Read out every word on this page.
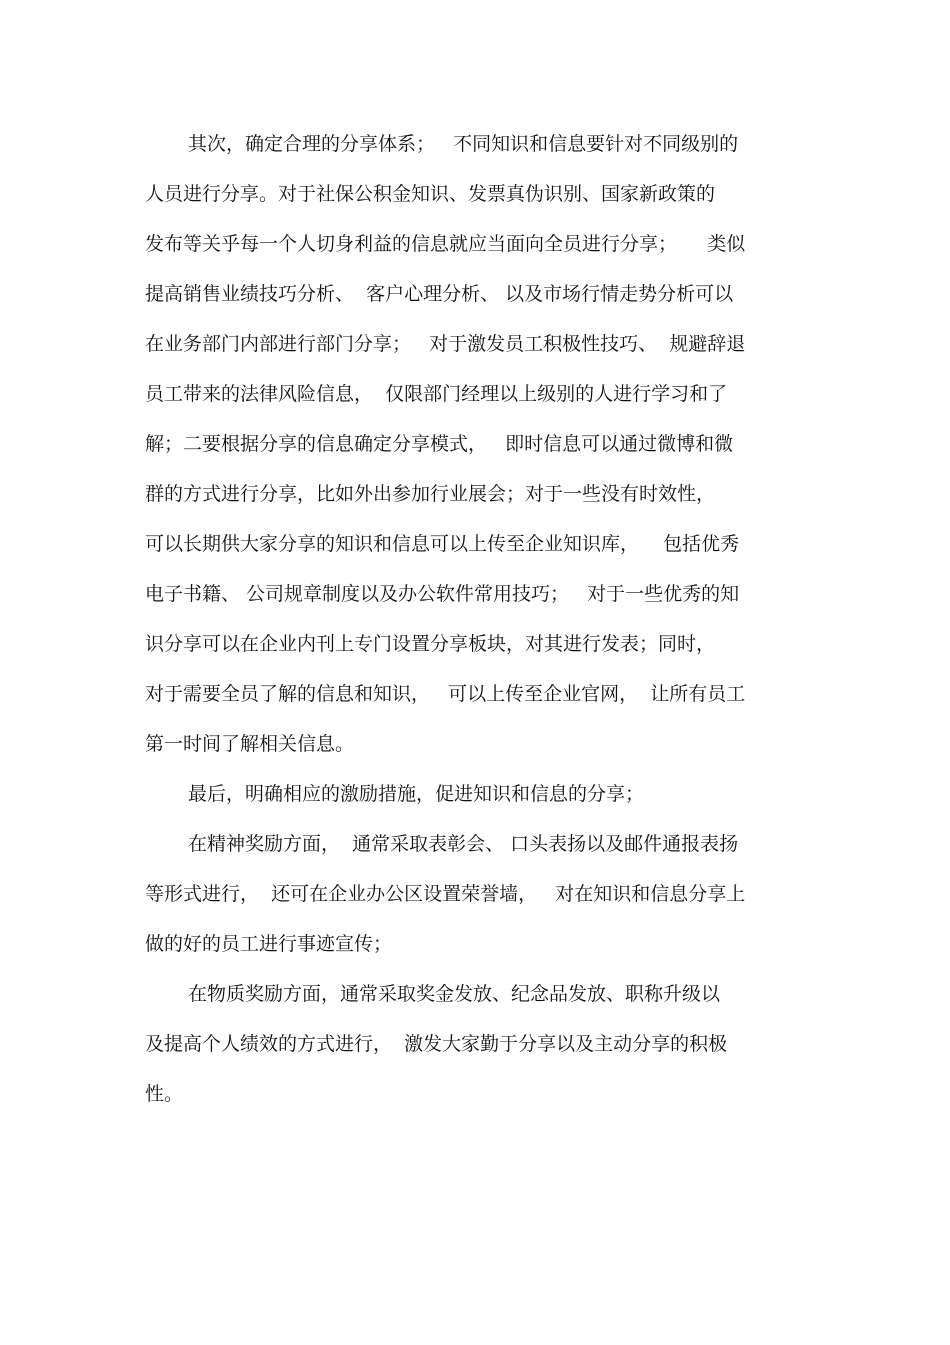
其次，确定合理的分享体系；   不同知识和信息要针对不同级别的
人员进行分享。对于社保公积金知识、发票真伪识别、国家新政策的
发布等关乎每一个人切身利益的信息就应当面向全员进行分享；     类似
提高销售业绩技巧分析、  客户心理分析、 以及市场行情走势分析可以
在业务部门内部进行部门分享；   对于激发员工积极性技巧、  规避辞退
员工带来的法律风险信息，  仅限部门经理以上级别的人进行学习和了
解；二要根据分享的信息确定分享模式，   即时信息可以通过微博和微
群的方式进行分享，比如外出参加行业展会；对于一些没有时效性，
可以长期供大家分享的知识和信息可以上传至企业知识库，    包括优秀
电子书籍、 公司规章制度以及办公软件常用技巧；   对于一些优秀的知
识分享可以在企业内刊上专门设置分享板块，对其进行发表；同时，
对于需要全员了解的信息和知识，   可以上传至企业官网，  让所有员工
第一时间了解相关信息。
最后，明确相应的激励措施，促进知识和信息的分享；
在精神奖励方面，  通常采取表彰会、 口头表扬以及邮件通报表扬
等形式进行，  还可在企业办公区设置荣誉墙，   对在知识和信息分享上
做的好的员工进行事迹宣传；
在物质奖励方面，通常采取奖金发放、纪念品发放、职称升级以
及提高个人绩效的方式进行，  激发大家勤于分享以及主动分享的积极
性。
